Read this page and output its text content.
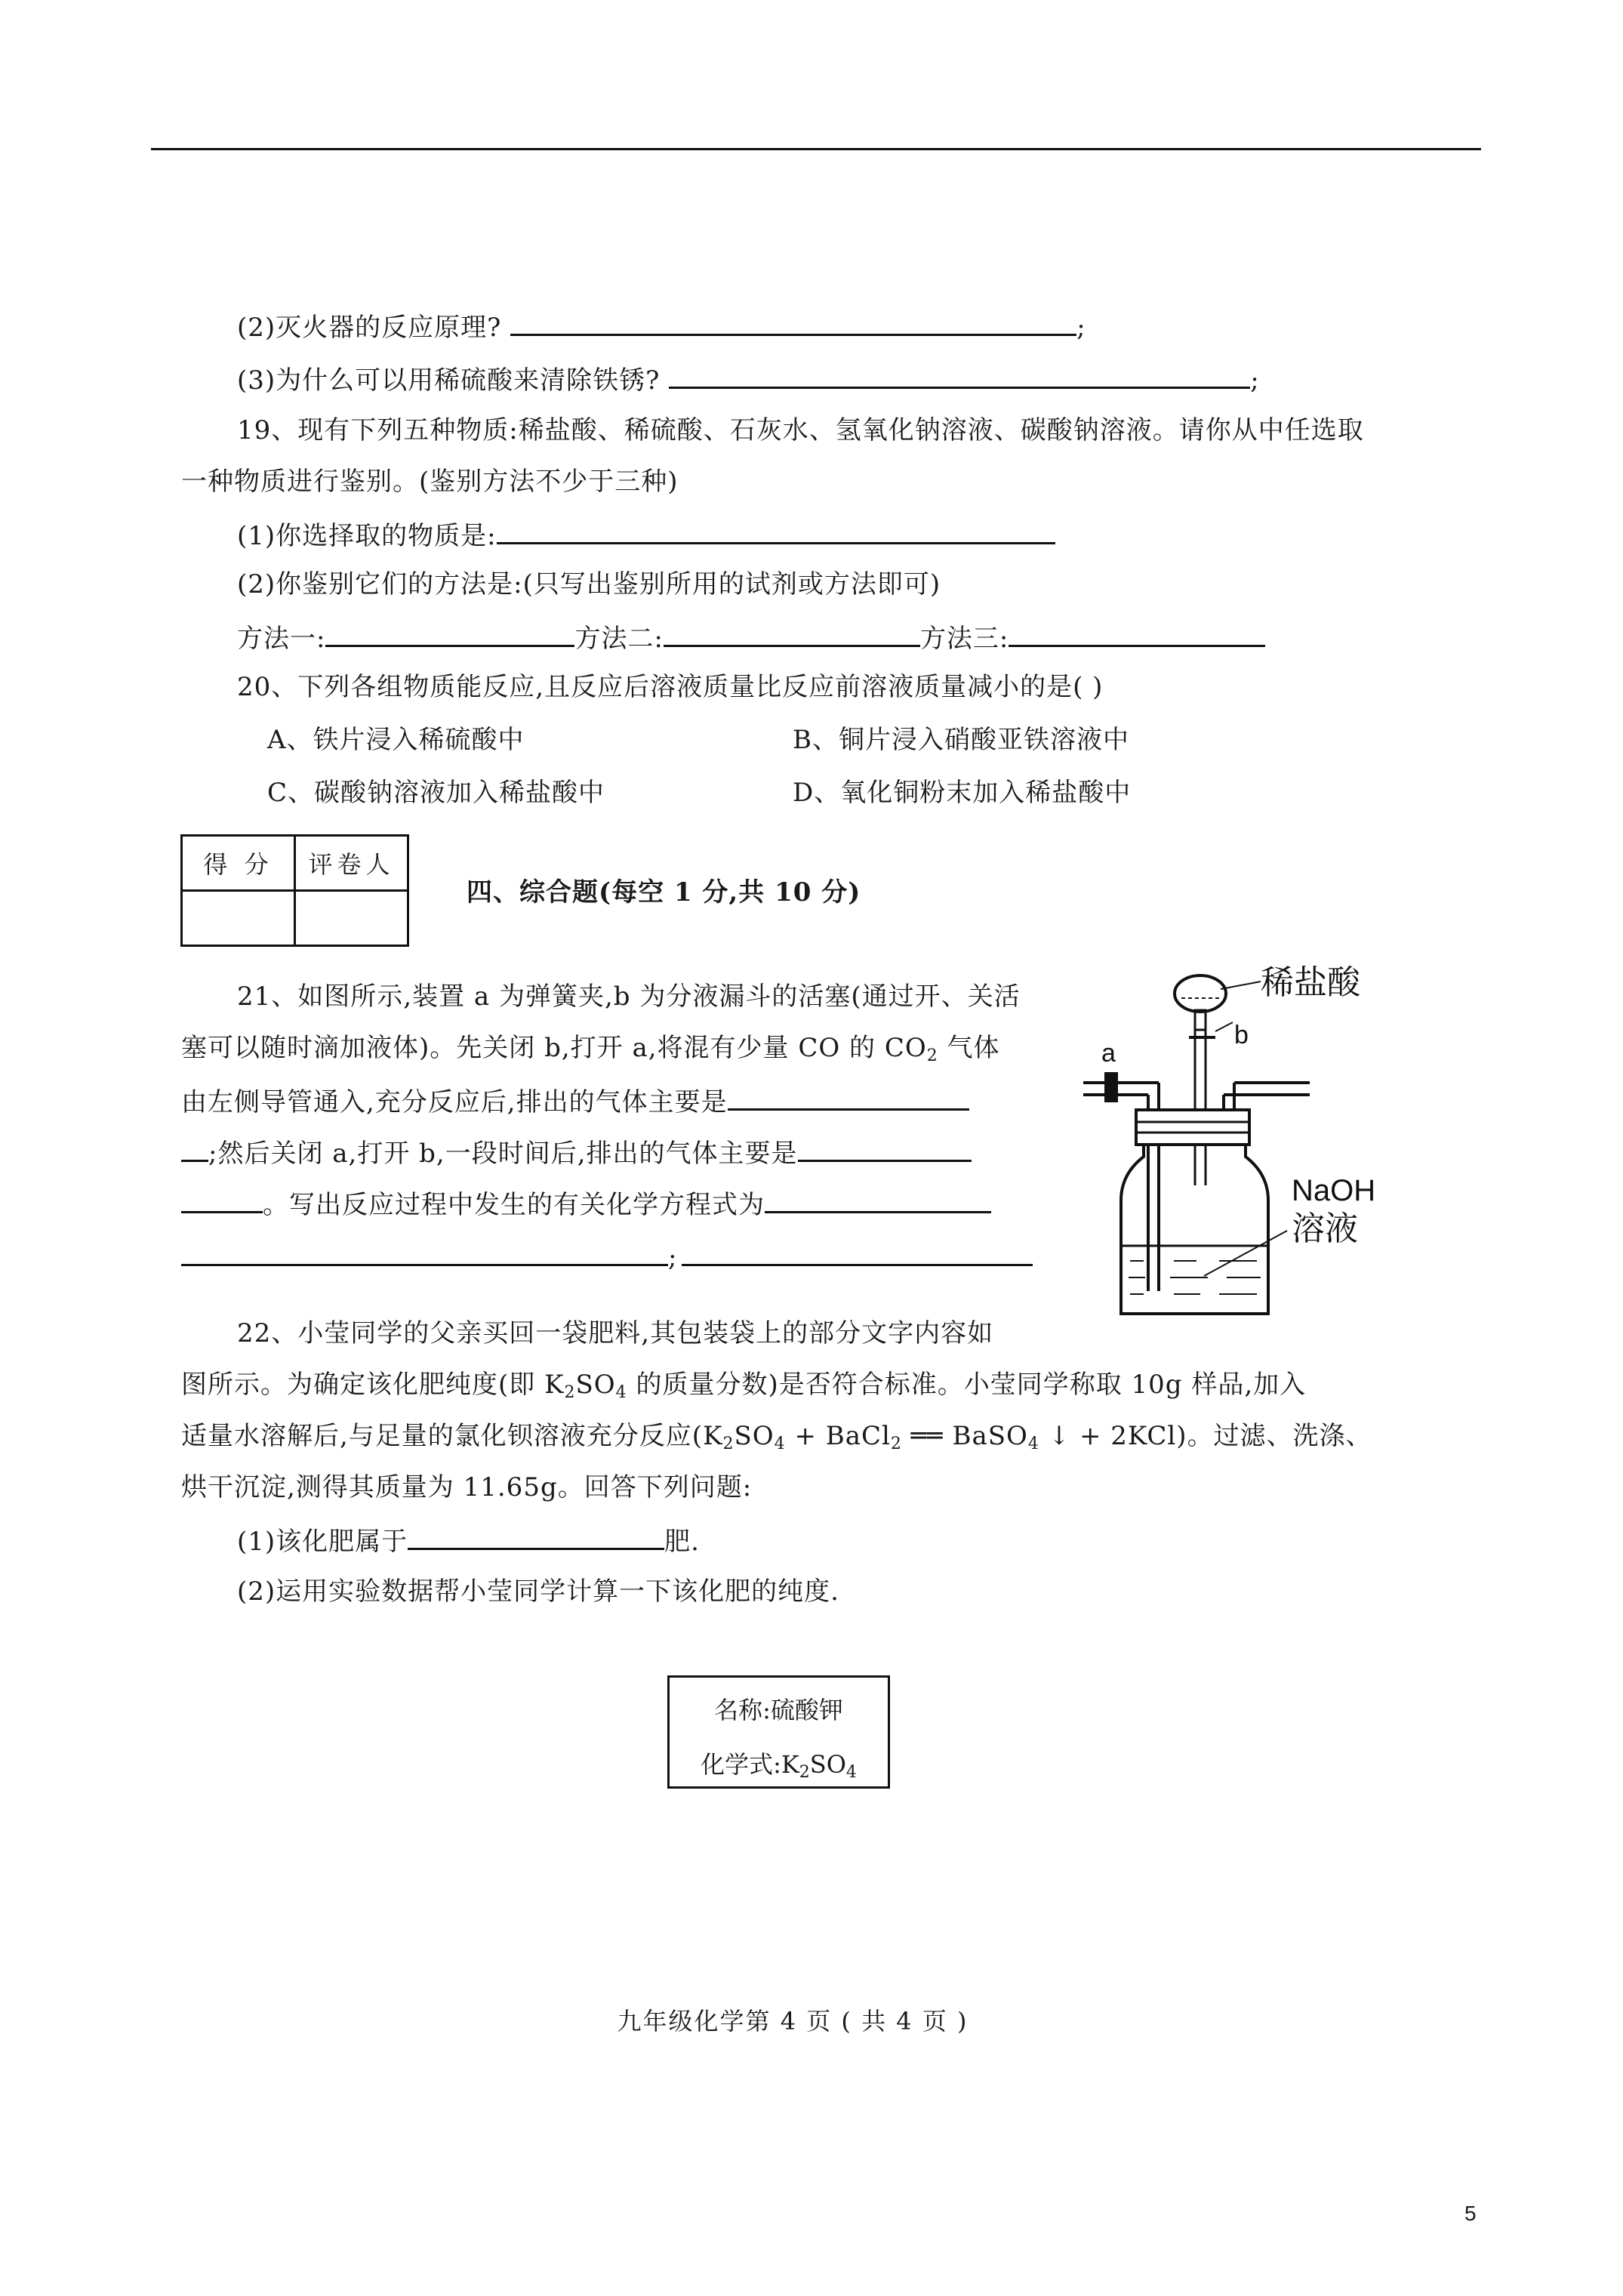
(2)灭火器的反应原理?	;
(3)为什么可以用稀硫酸来清除铁锈?	;
19、现有下列五种物质:稀盐酸、稀硫酸、石灰水、氢氧化钠溶液、碳酸钠溶液。请你从中任选取
一种物质进行鉴别。(鉴别方法不少于三种)
(1)你选择取的物质是:
(2)你鉴别它们的方法是:(只写出鉴别所用的试剂或方法即可)
方法一:	方法二:	方法三:
20、下列各组物质能反应,且反应后溶液质量比反应前溶液质量减小的是( )
A、铁片浸入稀硫酸中	B、铜片浸入硝酸亚铁溶液中
C、碳酸钠溶液加入稀盐酸中	D、氧化铜粉末加入稀盐酸中
得 分	评卷人

四、综合题(每空 1 分,共 10 分)
21、如图所示,装置 a 为弹簧夹,b 为分液漏斗的活塞(通过开、关活
塞可以随时滴加液体)。先关闭 b,打开 a,将混有少量 CO 的 $CO_2$ 气体
由左侧导管通入,充分反应后,排出的气体主要是
;然后关闭 a,打开 b,一段时间后,排出的气体主要是
。写出反应过程中发生的有关化学方程式为
;
稀盐酸
a
b
NaOH
溶液
22、小莹同学的父亲买回一袋肥料,其包装袋上的部分文字内容如
图所示。为确定该化肥纯度(即 $K_2SO_4$ 的质量分数)是否符合标准。小莹同学称取 10g 样品,加入
适量水溶解后,与足量的氯化钡溶液充分反应($K_2SO_4$ + BaCl$_2$ ══ BaSO$_4$ ↓ + 2KCl)。过滤、洗涤、
烘干沉淀,测得其质量为 11.65g。回答下列问题:
(1)该化肥属于	肥.
(2)运用实验数据帮小莹同学计算一下该化肥的纯度.
名称:硫酸钾
化学式$:K_2SO_4$
九年级化学第 4 页 ( 共 4 页 )
5
